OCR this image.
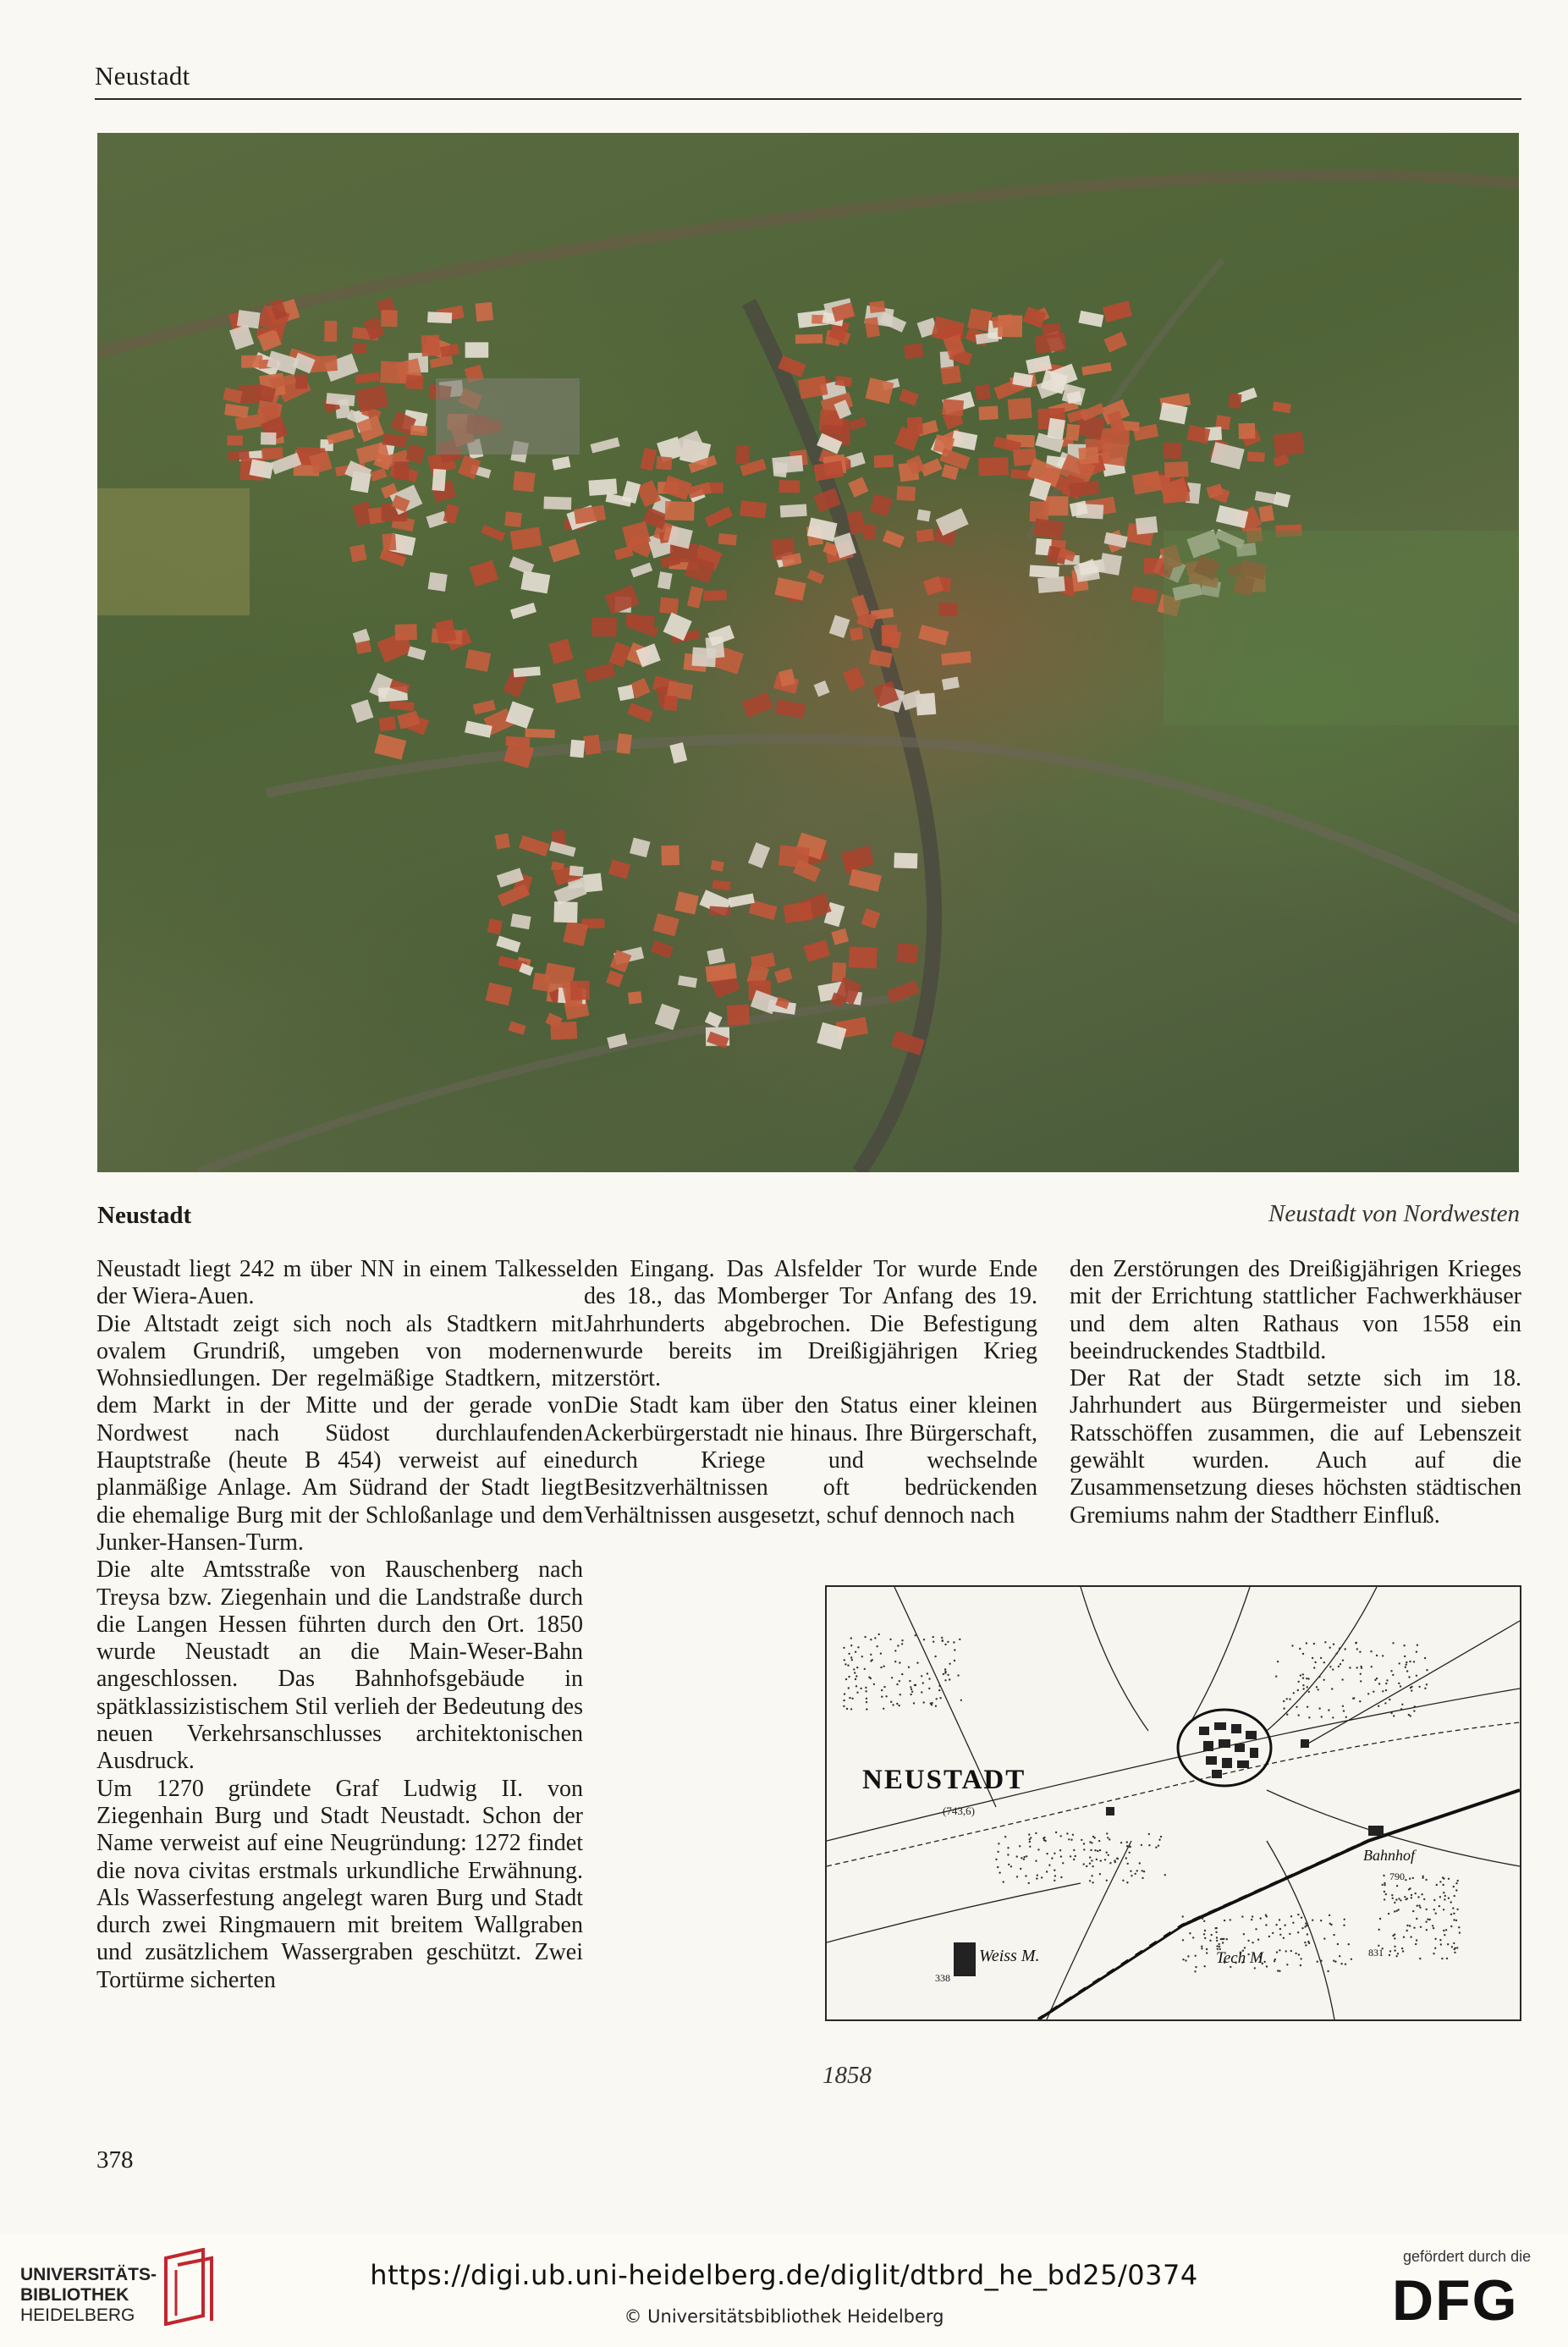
Neustadt
Neustadt	Neustadt von Nordwesten

Neustadt liegt 242 m über NN in einem Talkessel der Wiera-Auen.

Die Altstadt zeigt sich noch als Stadtkern mit ovalem Grundriß, umgeben von modernen Wohnsiedlungen. Der regelmäßige Stadtkern, mit dem Markt in der Mitte und der gerade von Nordwest nach Südost durchlaufenden Hauptstraße (heute B 454) verweist auf eine planmäßige Anlage. Am Südrand der Stadt liegt die ehemalige Burg mit der Schloßanlage und dem Junker-Hansen-Turm.

Die alte Amtsstraße von Rauschenberg nach Treysa bzw. Ziegenhain und die Landstraße durch die Langen Hessen führten durch den Ort. 1850 wurde Neustadt an die Main-Weser-Bahn angeschlossen. Das Bahnhofsgebäude in spätklassizistischem Stil verlieh der Bedeutung des neuen Verkehrsanschlusses architektonischen Ausdruck.

Um 1270 gründete Graf Ludwig II. von Ziegenhain Burg und Stadt Neustadt. Schon der Name verweist auf eine Neugründung: 1272 findet die nova civitas erstmals urkundliche Erwähnung. Als Wasserfestung angelegt waren Burg und Stadt durch zwei Ringmauern mit breitem Wallgraben und zusätzlichem Wassergraben geschützt. Zwei Tortürme sicherten

den Eingang. Das Alsfelder Tor wurde Ende des 18., das Momberger Tor Anfang des 19. Jahrhunderts abgebrochen. Die Befestigung wurde bereits im Dreißigjährigen Krieg zerstört.

Die Stadt kam über den Status einer kleinen Ackerbürgerstadt nie hinaus. Ihre Bürgerschaft, durch Kriege und wechselnde Besitzverhältnissen oft bedrückenden Verhältnissen ausgesetzt, schuf dennoch nach

den Zerstörungen des Dreißigjährigen Krieges mit der Errichtung stattlicher Fachwerkhäuser und dem alten Rathaus von 1558 ein beeindruckendes Stadtbild.

Der Rat der Stadt setzte sich im 18. Jahrhundert aus Bürgermeister und sieben Ratsschöffen zusammen, die auf Lebenszeit gewählt wurden. Auch auf die Zusammensetzung dieses höchsten städtischen Gremiums nahm der Stadtherr Einfluß.

NEUSTADT
(743,6)
Weiss M.	Tech M.
Bahnhof
790
831
338
1858
378
UNIVERSITÄTS-
BIBLIOTHEK
HEIDELBERG
https://digi.ub.uni-heidelberg.de/diglit/dtbrd_he_bd25/0374
© Universitätsbibliothek Heidelberg
gefördert durch die
DFG
